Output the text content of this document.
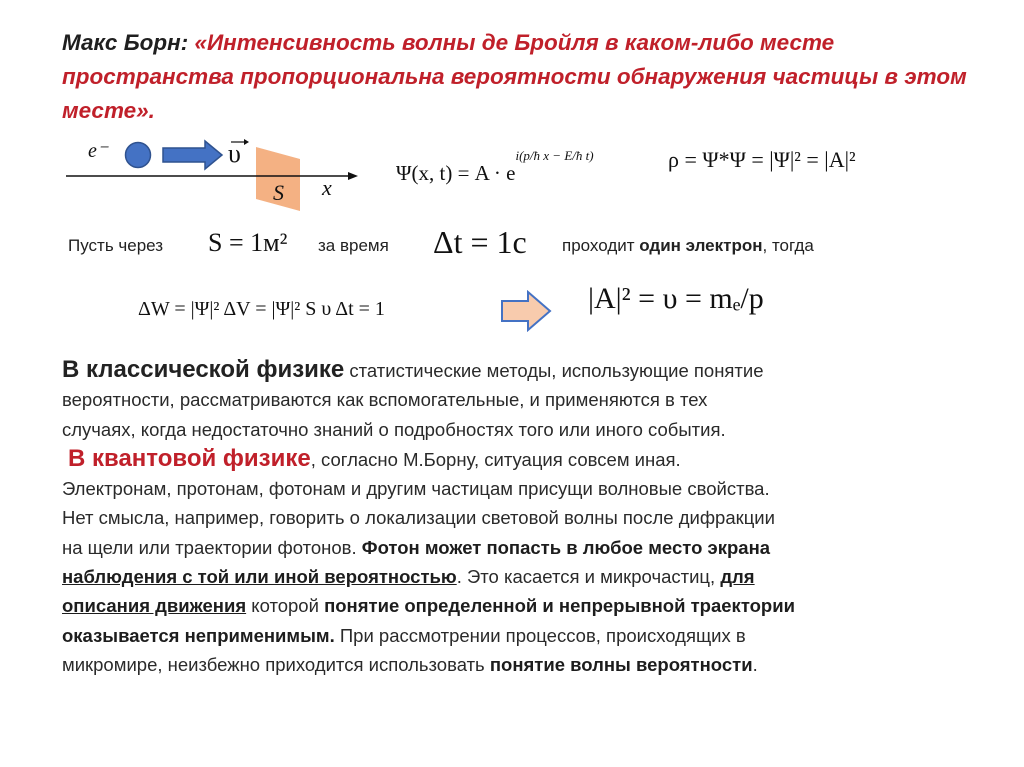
Макс Борн: «Интенсивность волны де Бройля в каком-либо месте пространства пропорциональна вероятности обнаружения частицы в этом месте».
e⁻	υ
S x
Ψ(x, $t) = A \cdot e^{i(p/ħ x - E/ħ t)}$	ρ = Ψ*Ψ = |Ψ|² = |A|²
Пусть через S = 1м² за время Δt = 1c проходит один электрон, тогда
ΔW = |Ψ|² ΔV = |Ψ|² S υ Δt = 1	|A|² = υ = mₑ/p
В классической физике статистические методы, использующие понятие
вероятности, рассматриваются как вспомогательные, и применяются в тех
случаях, когда недостаточно знаний о подробностях того или иного события.
В квантовой физике, согласно М.Борну, ситуация совсем иная.
Электронам, протонам, фотонам и другим частицам присущи волновые свойства.
Нет смысла, например, говорить о локализации световой волны после дифракции
на щели или траектории фотонов. Фотон может попасть в любое место экрана
наблюдения с той или иной вероятностью. Это касается и микрочастиц, для
описания движения которой понятие определенной и непрерывной траектории
оказывается неприменимым. При рассмотрении процессов, происходящих в
микромире, неизбежно приходится использовать понятие волны вероятности.
